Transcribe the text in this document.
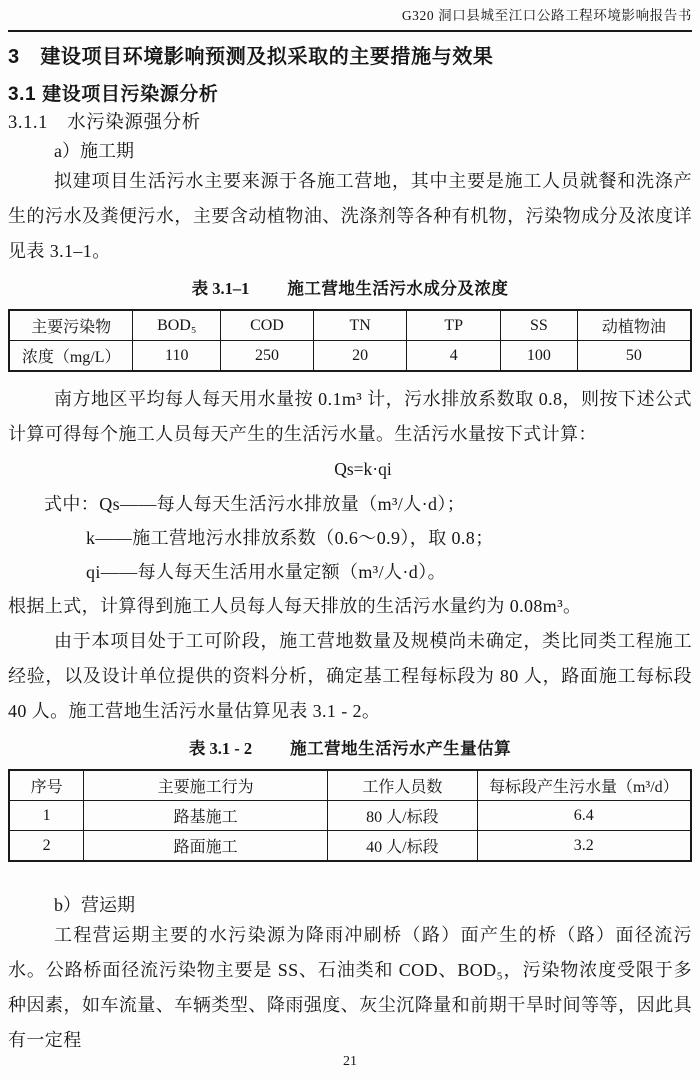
G320 洞口县城至江口公路工程环境影响报告书

3　建设项目环境影响预测及拟采取的主要措施与效果

3.1 建设项目污染源分析

3.1.1　水污染源强分析

a）施工期

拟建项目生活污水主要来源于各施工营地，其中主要是施工人员就餐和洗涤产生的污水及粪便污水，主要含动植物油、洗涤剂等各种有机物，污染物成分及浓度详见表 3.1–1。

表 3.1–1 施工营地生活污水成分及浓度
主要污染物	BOD₅	COD	TN	TP	SS	动植物油
浓度（mg/L）	110	250	20	4	100	50

南方地区平均每人每天用水量按 0.1m³ 计，污水排放系数取 0.8，则按下述公式计算可得每个施工人员每天产生的生活污水量。生活污水量按下式计算：

Qs=k·qi

式中：Qs——每人每天生活污水排放量（m³/人·d）；

k——施工营地污水排放系数（0.6～0.9），取 0.8；

qi——每人每天生活用水量定额（m³/人·d）。

根据上式，计算得到施工人员每人每天排放的生活污水量约为 0.08m³。

由于本项目处于工可阶段，施工营地数量及规模尚未确定，类比同类工程施工经验，以及设计单位提供的资料分析，确定基工程每标段为 80 人，路面施工每标段 40 人。施工营地生活污水量估算见表 3.1 - 2。

表 3.1 - 2 施工营地生活污水产生量估算
序号	主要施工行为	工作人员数	每标段产生污水量（m³/d）
1	路基施工	80 人/标段	6.4
2	路面施工	40 人/标段	3.2

b）营运期

工程营运期主要的水污染源为降雨冲刷桥（路）面产生的桥（路）面径流污水。公路桥面径流污染物主要是 SS、石油类和 COD、BOD₅，污染物浓度受限于多种因素，如车流量、车辆类型、降雨强度、灰尘沉降量和前期干旱时间等等，因此具有一定程

21
